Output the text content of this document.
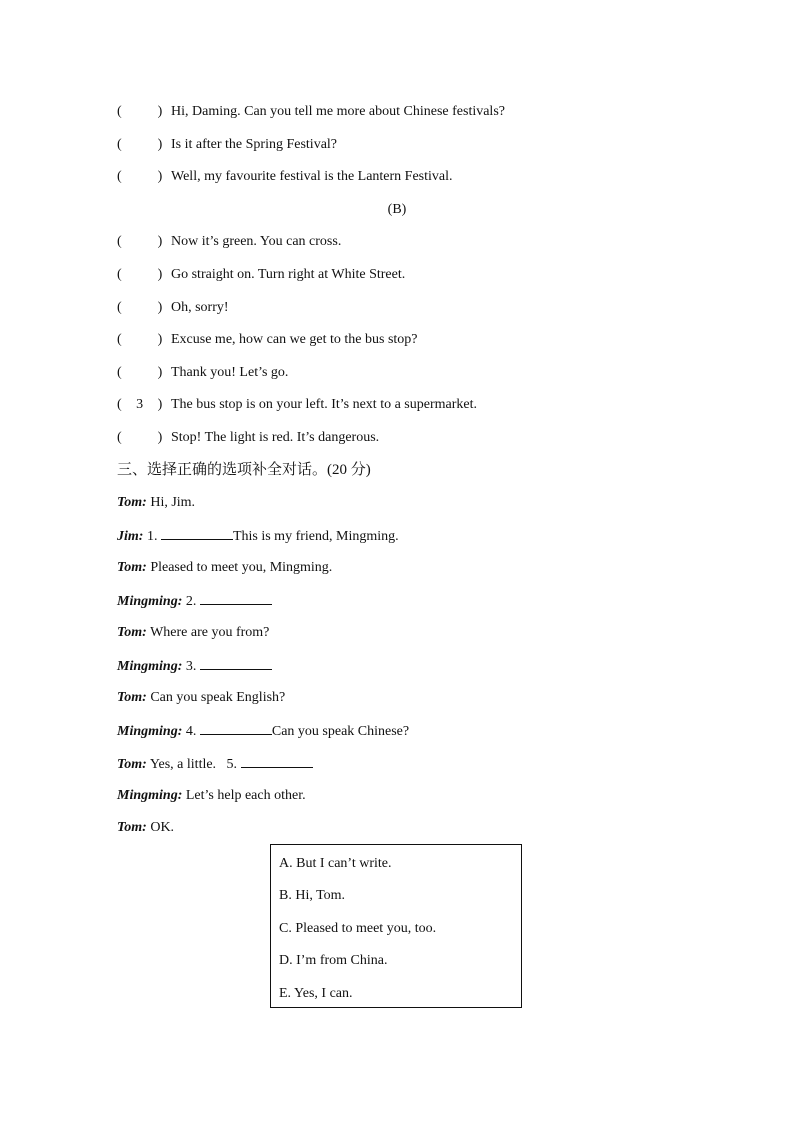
(	) Hi, Daming. Can you tell me more about Chinese festivals?
(	) Is it after the Spring Festival?
(	) Well, my favourite festival is the Lantern Festival.
(B)
(	) Now it’s green. You can cross.
(	) Go straight on. Turn right at White Street.
(	) Oh, sorry!
(	) Excuse me, how can we get to the bus stop?
(	) Thank you! Let’s go.
( 3 ) The bus stop is on your left. It’s next to a supermarket.
(	) Stop! The light is red. It’s dangerous.
三、选择正确的选项补全对话。(20 分)
Tom: Hi, Jim.
Jim: 1.	This is my friend, Mingming.
Tom: Pleased to meet you, Mingming.
Mingming: 2.
Tom: Where are you from?
Mingming: 3.
Tom: Can you speak English?
Mingming: 4.	Can you speak Chinese?
Tom: Yes, a little.   5.
Mingming: Let’s help each other.
Tom: OK.
A. But I can’t write.
B. Hi, Tom.
C. Pleased to meet you, too.
D. I’m from China.
E. Yes, I can.
